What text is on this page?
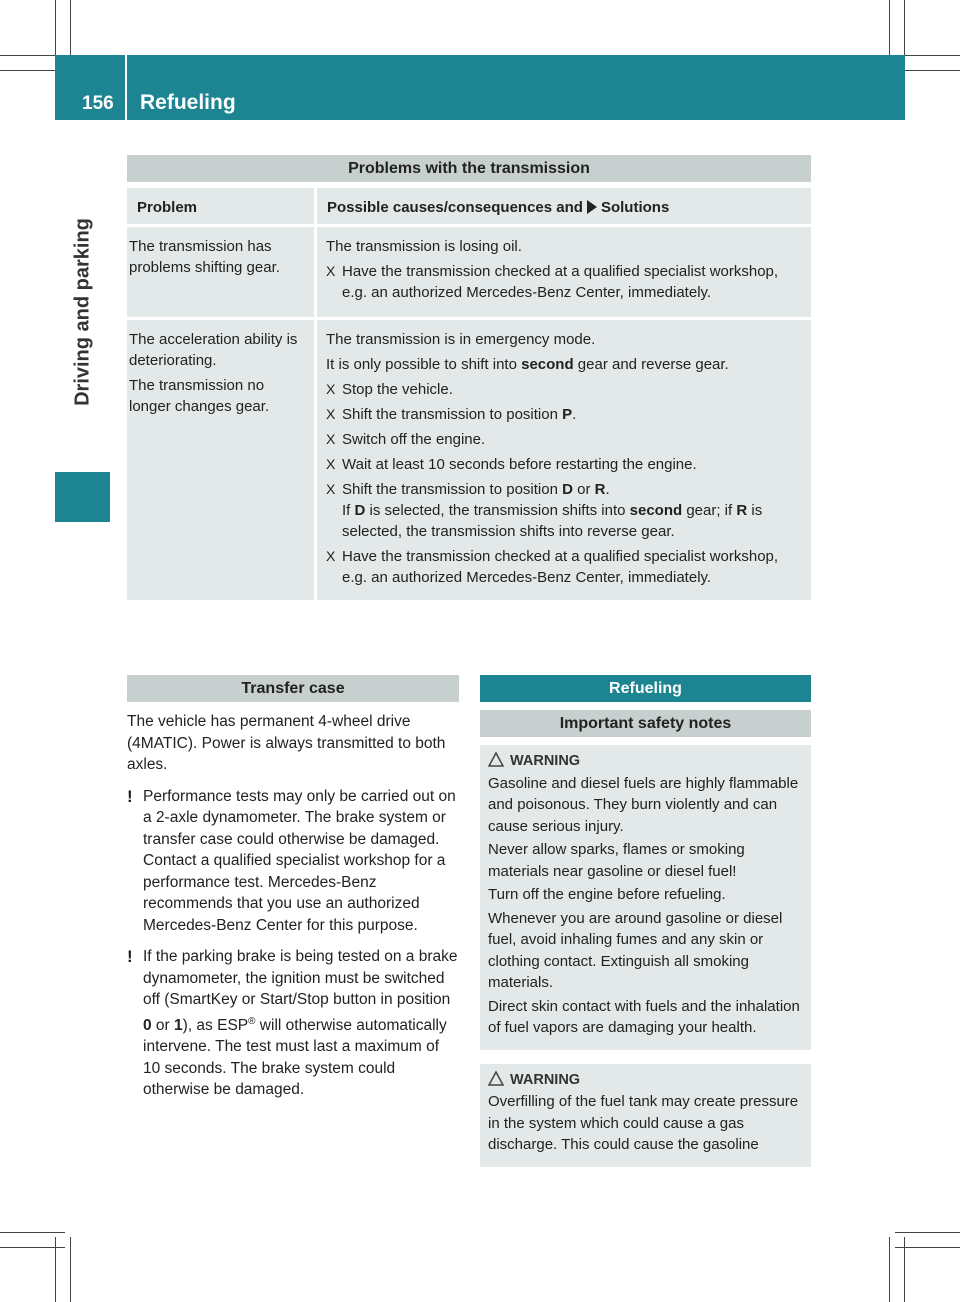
156 Refueling
Driving and parking
Problems with the transmission
Problem	Possible causes/consequences and Solutions

The transmission has problems shifting gear.

The transmission is losing oil.

X Have the transmission checked at a qualified specialist workshop, e.g. an authorized Mercedes-Benz Center, immediately.

The acceleration ability is deteriorating.

The transmission no longer changes gear.

The transmission is in emergency mode.

It is only possible to shift into second gear and reverse gear.

X Stop the vehicle.
X Shift the transmission to position P.
X Switch off the engine.
X Wait at least 10 seconds before restarting the engine.
X Shift the transmission to position D or R.
If D is selected, the transmission shifts into second gear; if R is selected, the transmission shifts into reverse gear.
X Have the transmission checked at a qualified specialist workshop, e.g. an authorized Mercedes-Benz Center, immediately.
Transfer case

The vehicle has permanent 4-wheel drive (4MATIC). Power is always transmitted to both axles.

! Performance tests may only be carried out on a 2-axle dynamometer. The brake system or transfer case could otherwise be damaged. Contact a qualified specialist workshop for a performance test. Mercedes-Benz recommends that you use an authorized Mercedes-Benz Center for this purpose.
! If the parking brake is being tested on a brake dynamometer, the ignition must be switched off (SmartKey or Start/Stop button in position 0 or 1), as ESP® will otherwise automatically intervene. The test must last a maximum of 10 seconds. The brake system could otherwise be damaged.
Refueling
Important safety notes
WARNING

Gasoline and diesel fuels are highly flammable and poisonous. They burn violently and can cause serious injury.

Never allow sparks, flames or smoking materials near gasoline or diesel fuel!

Turn off the engine before refueling.

Whenever you are around gasoline or diesel fuel, avoid inhaling fumes and any skin or clothing contact. Extinguish all smoking materials.

Direct skin contact with fuels and the inhalation of fuel vapors are damaging your health.

WARNING

Overfilling of the fuel tank may create pressure in the system which could cause a gas discharge. This could cause the gasoline
